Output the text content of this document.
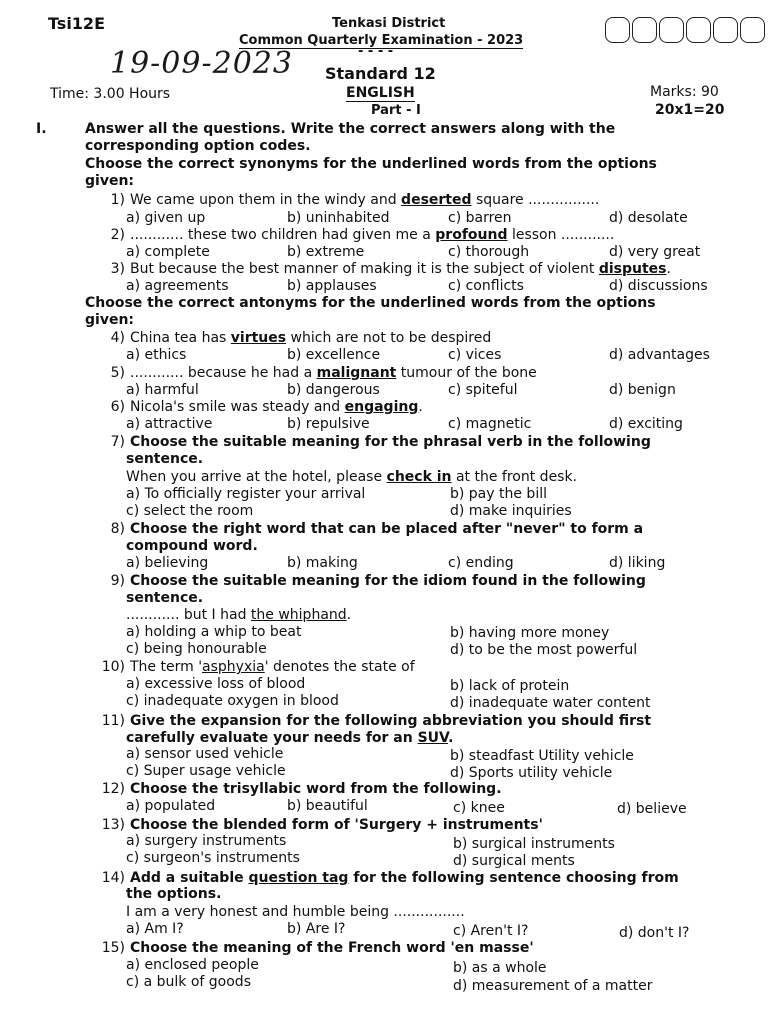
Tsi12E	Tenkasi District
Common Quarterly Examination - 2023
- - - -
19-09-2023 Standard 12
Time: 3.00 Hours	ENGLISH	Marks: 90
Part - I	20x1=20
I.	Answer all the questions. Write the correct answers along with the
corresponding option codes.
Choose the correct synonyms for the underlined words from the options
given:
1) We came upon them in the windy and deserted square ................
a) given up	b) uninhabited	c) barren	d) desolate
2) ............ these two children had given me a profound lesson ............
a) complete	b) extreme	c) thorough	d) very great
3) But because the best manner of making it is the subject of violent disputes.
a) agreements	b) applauses	c) conflicts	d) discussions
Choose the correct antonyms for the underlined words from the options
given:
4) China tea has virtues which are not to be despired
a) ethics	b) excellence	c) vices	d) advantages
5) ............ because he had a malignant tumour of the bone
a) harmful	b) dangerous	c) spiteful	d) benign
6) Nicola's smile was steady and engaging.
a) attractive	b) repulsive	c) magnetic	d) exciting
7) Choose the suitable meaning for the phrasal verb in the following
sentence.
When you arrive at the hotel, please check in at the front desk.
a) To officially register your arrival	b) pay the bill
c) select the room	d) make inquiries
8) Choose the right word that can be placed after "never" to form a
compound word.
a) believing	b) making	c) ending	d) liking
9) Choose the suitable meaning for the idiom found in the following
sentence.
............ but I had the whiphand.
a) holding a whip to beat	b) having more money
c) being honourable	d) to be the most powerful
10) The term 'asphyxia' denotes the state of
a) excessive loss of blood	b) lack of protein
c) inadequate oxygen in blood	d) inadequate water content
11) Give the expansion for the following abbreviation you should first
carefully evaluate your needs for an SUV.
a) sensor used vehicle	b) steadfast Utility vehicle
c) Super usage vehicle	d) Sports utility vehicle
12) Choose the trisyllabic word from the following.
a) populated	b) beautiful	c) knee	d) believe
13) Choose the blended form of 'Surgery + instruments'
a) surgery instruments	b) surgical instruments
c) surgeon's instruments	d) surgical ments
14) Add a suitable question tag for the following sentence choosing from
the options.
I am a very honest and humble being ................
a) Am I?	b) Are I?	c) Aren't I?	d) don't I?
15) Choose the meaning of the French word 'en masse'
a) enclosed people	b) as a whole
c) a bulk of goods	d) measurement of a matter
